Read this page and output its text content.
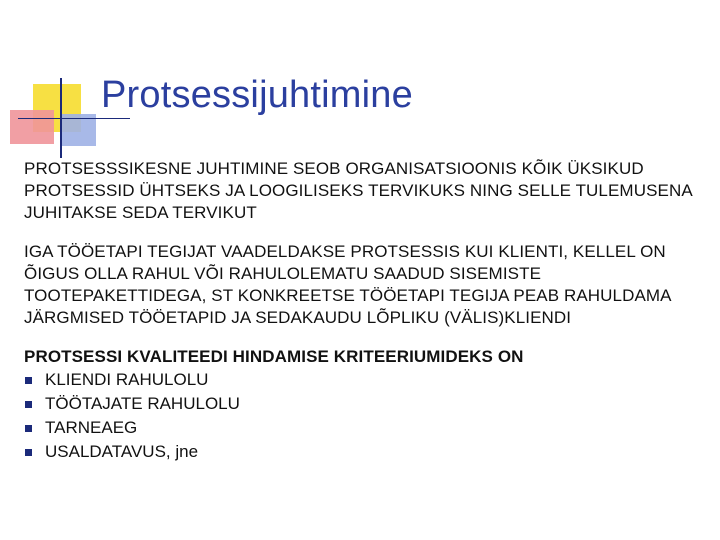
Protsessijuhtimine

PROTSESSSIKESNE JUHTIMINE SEOB ORGANISATSIOONIS KÕIK ÜKSIKUD PROTSESSID ÜHTSEKS JA LOOGILISEKS TERVIKUKS NING SELLE TULEMUSENA JUHITAKSE SEDA TERVIKUT

IGA TÖÖETAPI TEGIJAT VAADELDAKSE PROTSESSIS KUI KLIENTI, KELLEL ON ÕIGUS OLLA RAHUL VÕI RAHULOLEMATU SAADUD SISEMISTE TOOTEPAKETTIDEGA, ST KONKREETSE TÖÖETAPI TEGIJA PEAB RAHULDAMA JÄRGMISED TÖÖETAPID JA SEDAKAUDU LÕPLIKU (VÄLIS)KLIENDI

PROTSESSI KVALITEEDI HINDAMISE KRITEERIUMIDEKS ON

KLIENDI RAHULOLU
TÖÖTAJATE RAHULOLU
TARNEAEG
USALDATAVUS, jne
